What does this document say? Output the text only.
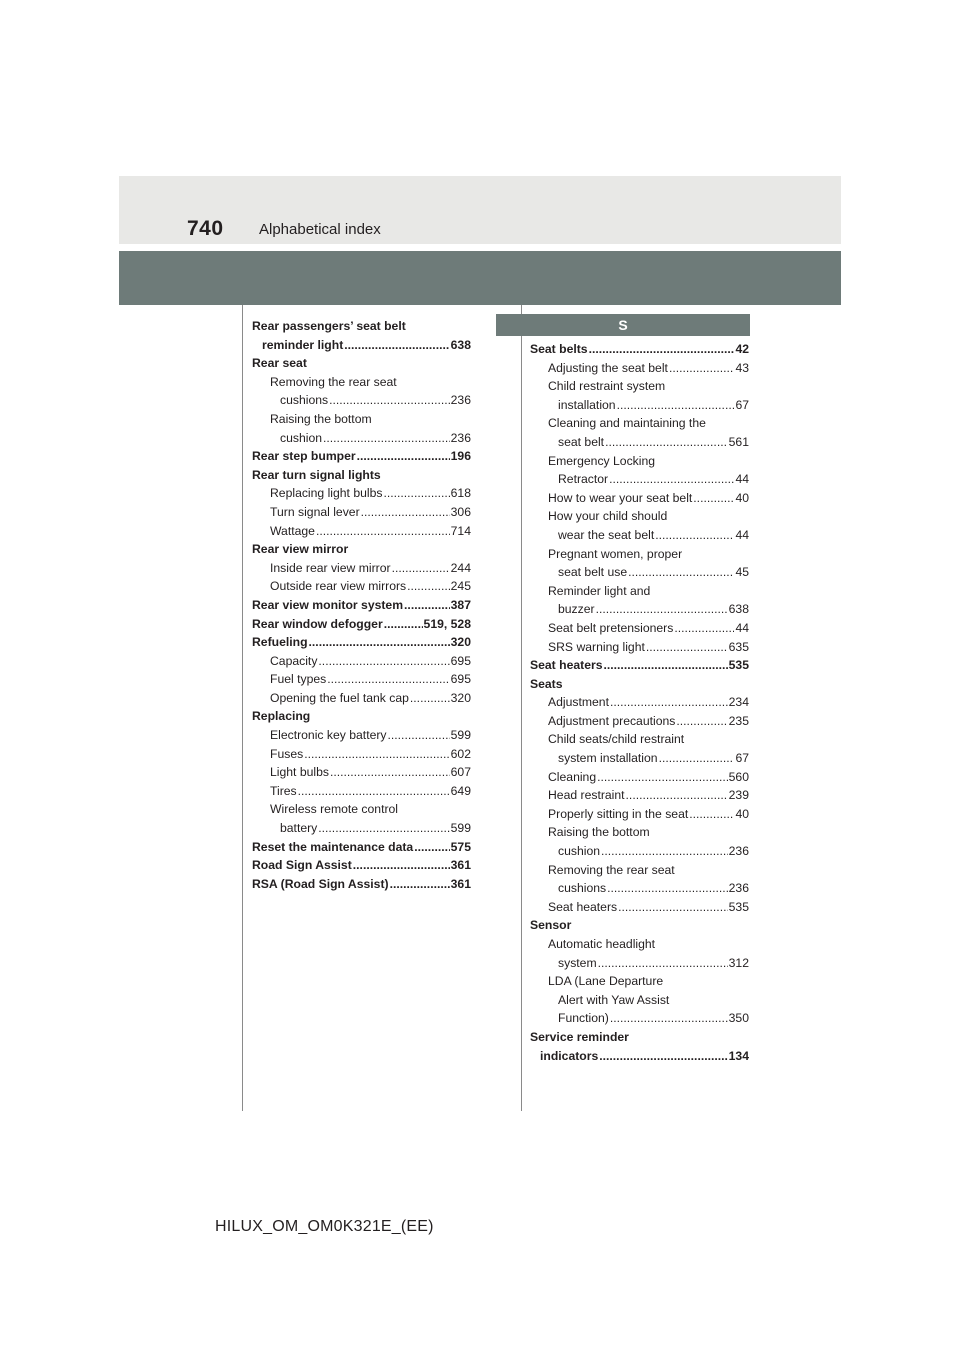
740 Alphabetical index
Rear passengers’ seat belt
reminder light .....	638
Rear seat
Removing the rear seat
cushions .....	236
Raising the bottom
cushion .....	236
Rear step bumper .....	196
Rear turn signal lights
Replacing light bulbs .....	618
Turn signal lever .....	306
Wattage .....	714
Rear view mirror
Inside rear view mirror .....	244
Outside rear view mirrors .....	245
Rear view monitor system .....	387
Rear window defogger .....	519, 528
Refueling .....	320
Capacity .....	695
Fuel types .....	695
Opening the fuel tank cap .....	320
Replacing
Electronic key battery .....	599
Fuses .....	602
Light bulbs .....	607
Tires .....	649
Wireless remote control
battery .....	599
Reset the maintenance data .....	575
Road Sign Assist .....	361
RSA (Road Sign Assist) .....	361
S
Seat belts .....	42
Adjusting the seat belt .....	43
Child restraint system
installation .....	67
Cleaning and maintaining the
seat belt .....	561
Emergency Locking
Retractor .....	44
How to wear your seat belt .....	40
How your child should
wear the seat belt .....	44
Pregnant women, proper
seat belt use .....	45
Reminder light and
buzzer .....	638
Seat belt pretensioners .....	44
SRS warning light .....	635
Seat heaters .....	535
Seats
Adjustment .....	234
Adjustment precautions .....	235
Child seats/child restraint
system installation .....	67
Cleaning .....	560
Head restraint .....	239
Properly sitting in the seat .....	40
Raising the bottom
cushion .....	236
Removing the rear seat
cushions .....	236
Seat heaters .....	535
Sensor
Automatic headlight
system .....	312
LDA (Lane Departure
Alert with Yaw Assist
Function) .....	350
Service reminder
indicators .....	134
HILUX_OM_OM0K321E_(EE)
